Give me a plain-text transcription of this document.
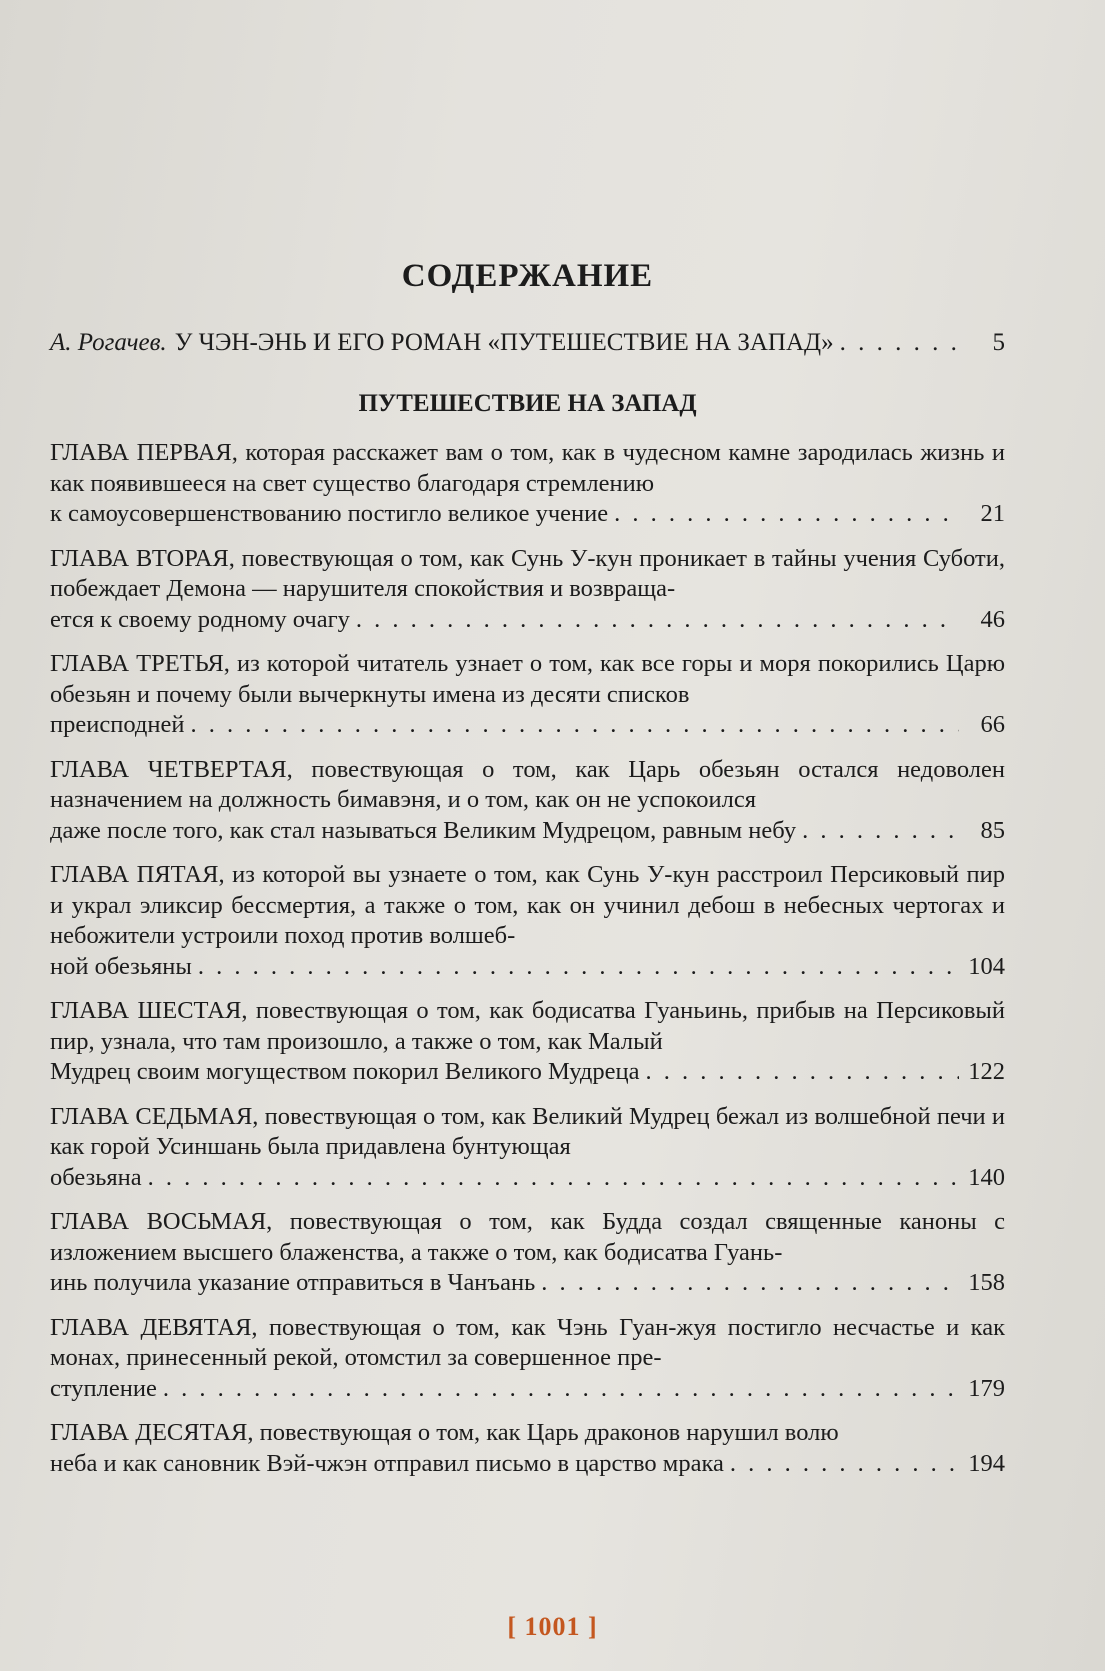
СОДЕРЖАНИЕ
А. Рогачев. У ЧЭН-ЭНЬ И ЕГО РОМАН «ПУТЕШЕСТВИЕ НА ЗАПАД» . . .	5
ПУТЕШЕСТВИЕ НА ЗАПАД
ГЛАВА ПЕРВАЯ, которая расскажет вам о том, как в чудесном камне зародилась жизнь и как появившееся на свет существо благодаря стремлению
к самоусовершенствованию постигло великое учение . . .	21
ГЛАВА ВТОРАЯ, повествующая о том, как Сунь У-кун проникает в тайны учения Суботи, побеждает Демона — нарушителя спокойствия и возвраща-
ется к своему родному очагу . . .	46
ГЛАВА ТРЕТЬЯ, из которой читатель узнает о том, как все горы и моря покорились Царю обезьян и почему были вычеркнуты имена из десяти списков
преисподней . . .	66
ГЛАВА ЧЕТВЕРТАЯ, повествующая о том, как Царь обезьян остался недоволен назначением на должность бимавэня, и о том, как он не успокоился
даже после того, как стал называться Великим Мудрецом, равным небу . . .	85
ГЛАВА ПЯТАЯ, из которой вы узнаете о том, как Сунь У-кун расстроил Персиковый пир и украл эликсир бессмертия, а также о том, как он учинил дебош в небесных чертогах и небожители устроили поход против волшеб-
ной обезьяны . . .	104
ГЛАВА ШЕСТАЯ, повествующая о том, как бодисатва Гуаньинь, прибыв на Персиковый пир, узнала, что там произошло, а также о том, как Малый
Мудрец своим могуществом покорил Великого Мудреца . . .	122
ГЛАВА СЕДЬМАЯ, повествующая о том, как Великий Мудрец бежал из волшебной печи и как горой Усиншань была придавлена бунтующая
обезьяна . . .	140
ГЛАВА ВОСЬМАЯ, повествующая о том, как Будда создал священные каноны с изложением высшего блаженства, а также о том, как бодисатва Гуань-
инь получила указание отправиться в Чанъань . . .	158
ГЛАВА ДЕВЯТАЯ, повествующая о том, как Чэнь Гуан-жуя постигло несчастье и как монах, принесенный рекой, отомстил за совершенное пре-
ступление . . .	179
ГЛАВА ДЕСЯТАЯ, повествующая о том, как Царь драконов нарушил волю
неба и как сановник Вэй-чжэн отправил письмо в царство мрака . . .	194
[ 1001 ]
